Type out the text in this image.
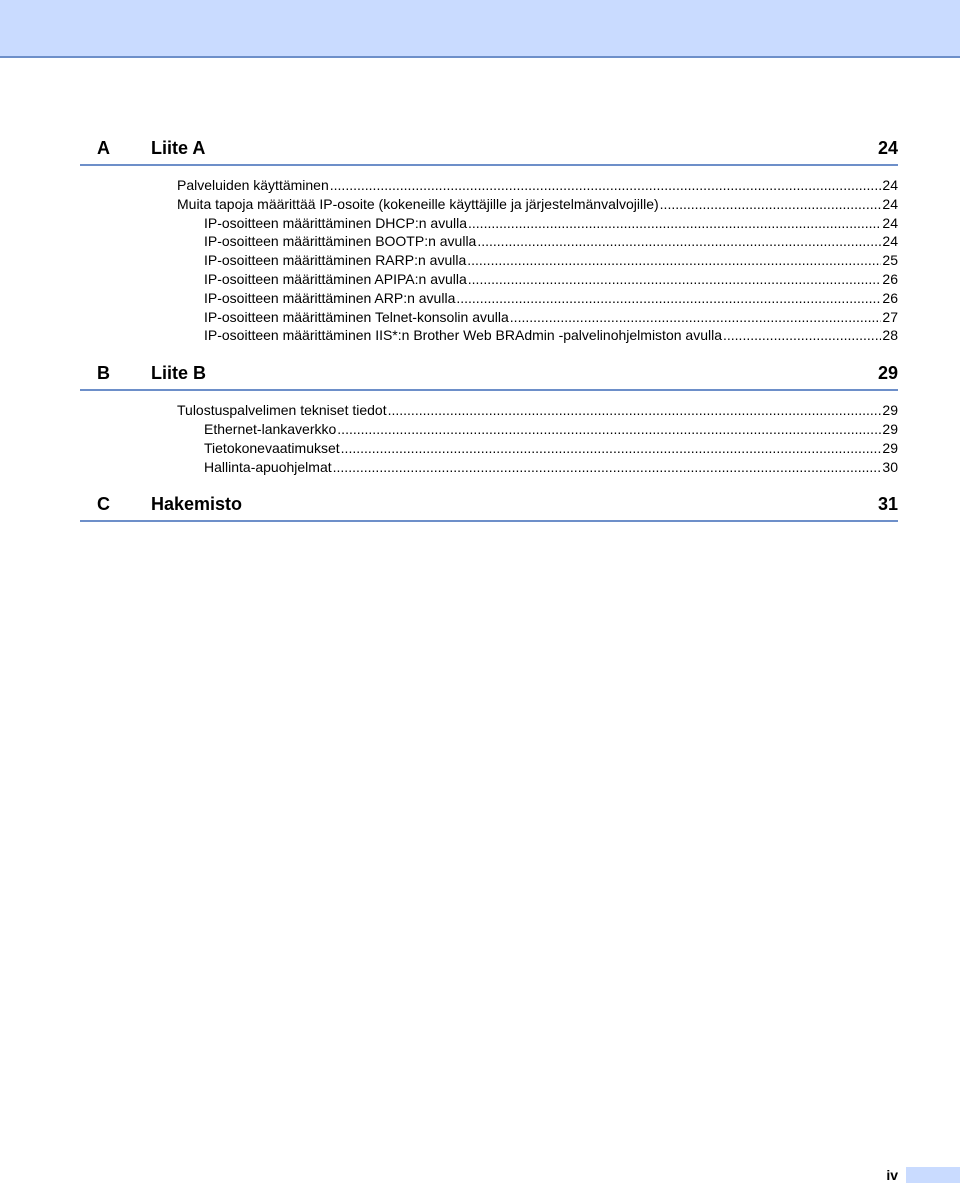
A	Liite A	24
Palveluiden käyttäminen .....	24
Muita tapoja määrittää IP-osoite (kokeneille käyttäjille ja järjestelmänvalvojille) .....	24
IP-osoitteen määrittäminen DHCP:n avulla .....	24
IP-osoitteen määrittäminen BOOTP:n avulla .....	24
IP-osoitteen määrittäminen RARP:n avulla .....	25
IP-osoitteen määrittäminen APIPA:n avulla .....	26
IP-osoitteen määrittäminen ARP:n avulla .....	26
IP-osoitteen määrittäminen Telnet-konsolin avulla .....	27
IP-osoitteen määrittäminen IIS*:n Brother Web BRAdmin -palvelinohjelmiston avulla .....	28
B	Liite B	29
Tulostuspalvelimen tekniset tiedot .....	29
Ethernet-lankaverkko .....	29
Tietokonevaatimukset .....	29
Hallinta-apuohjelmat .....	30
C	Hakemisto	31
iv
